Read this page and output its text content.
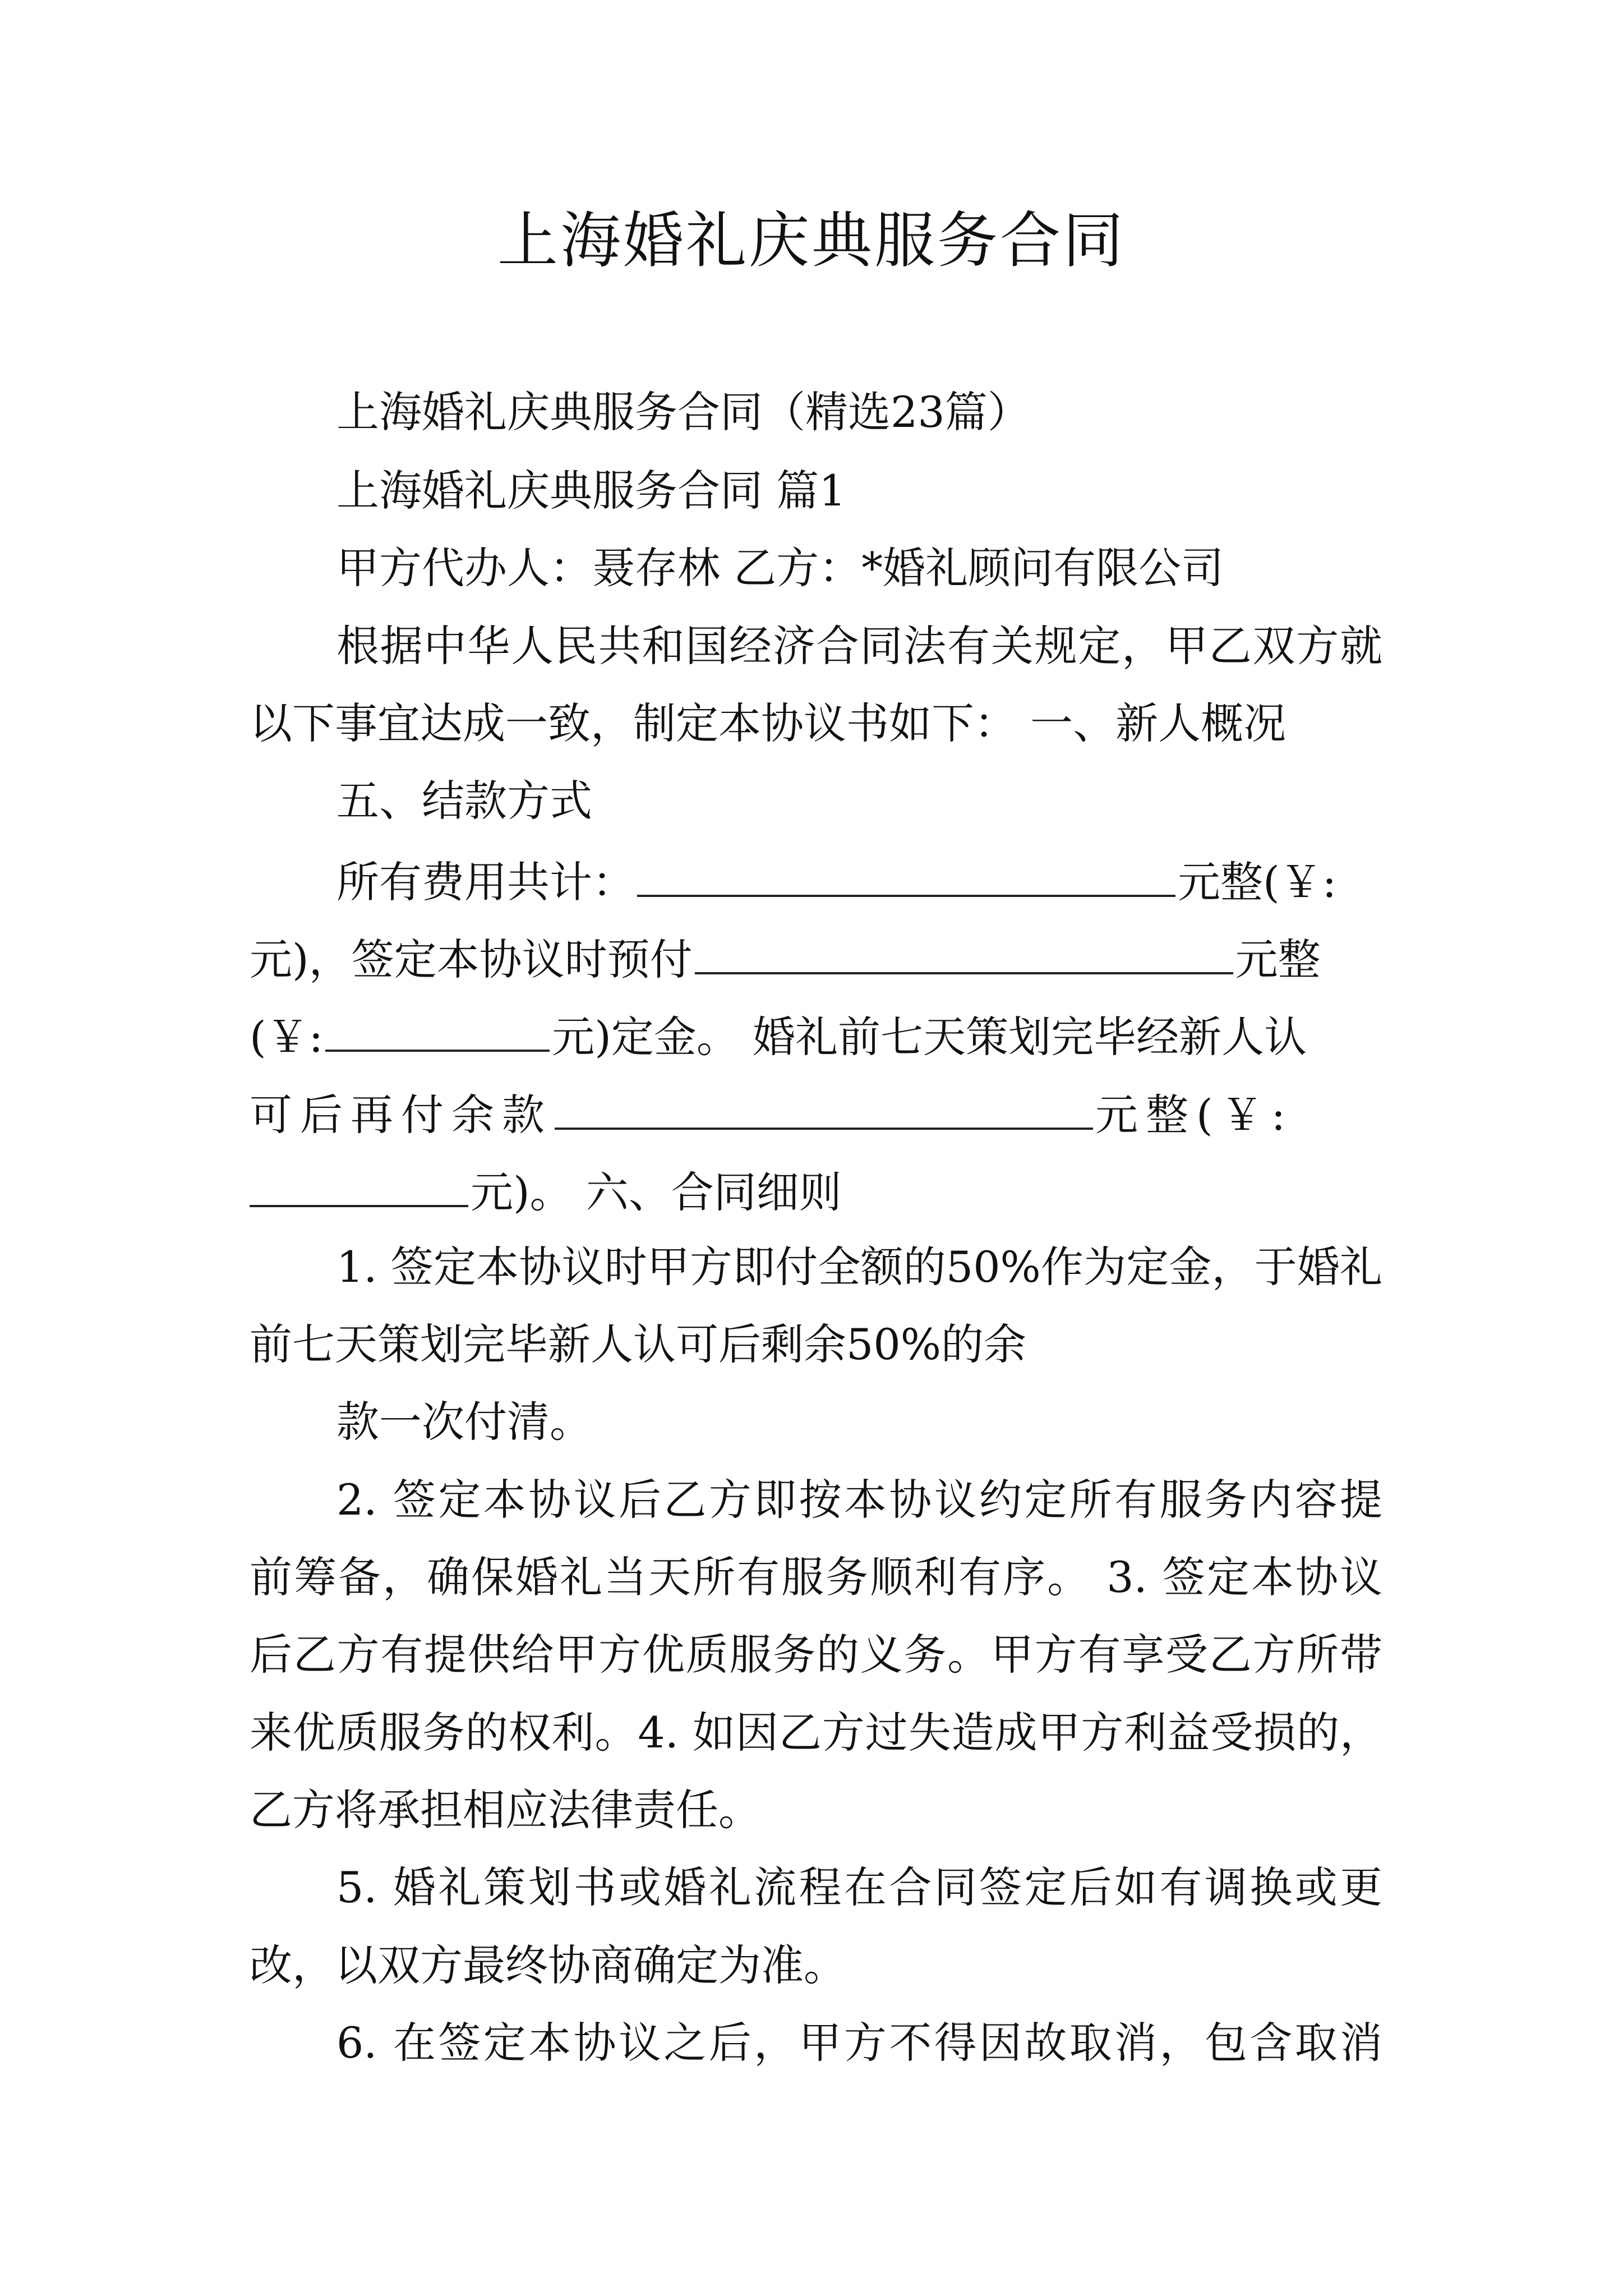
上海婚礼庆典服务合同

上海婚礼庆典服务合同（精选23篇）

上海婚礼庆典服务合同 篇1

甲方代办人：聂存林 乙方：*婚礼顾问有限公司

根据中华人民共和国经济合同法有关规定，甲乙双方就

以下事宜达成一致，制定本协议书如下： 一、新人概况

五、结款方式

所有费用共计：	元整(￥:

元)，签定本协议时预付	元整

(￥:	元)定金。 婚礼前七天策划完毕经新人认

可后再付余款	元整(￥:

元)。 六、合同细则

1. 签定本协议时甲方即付全额的50%作为定金，于婚礼

前七天策划完毕新人认可后剩余50%的余

款一次付清。

2. 签定本协议后乙方即按本协议约定所有服务内容提

前筹备，确保婚礼当天所有服务顺利有序。 3. 签定本协议

后乙方有提供给甲方优质服务的义务。甲方有享受乙方所带

来优质服务的权利。4. 如因乙方过失造成甲方利益受损的，

乙方将承担相应法律责任。

5. 婚礼策划书或婚礼流程在合同签定后如有调换或更

改，以双方最终协商确定为准。

6. 在签定本协议之后，甲方不得因故取消，包含取消
